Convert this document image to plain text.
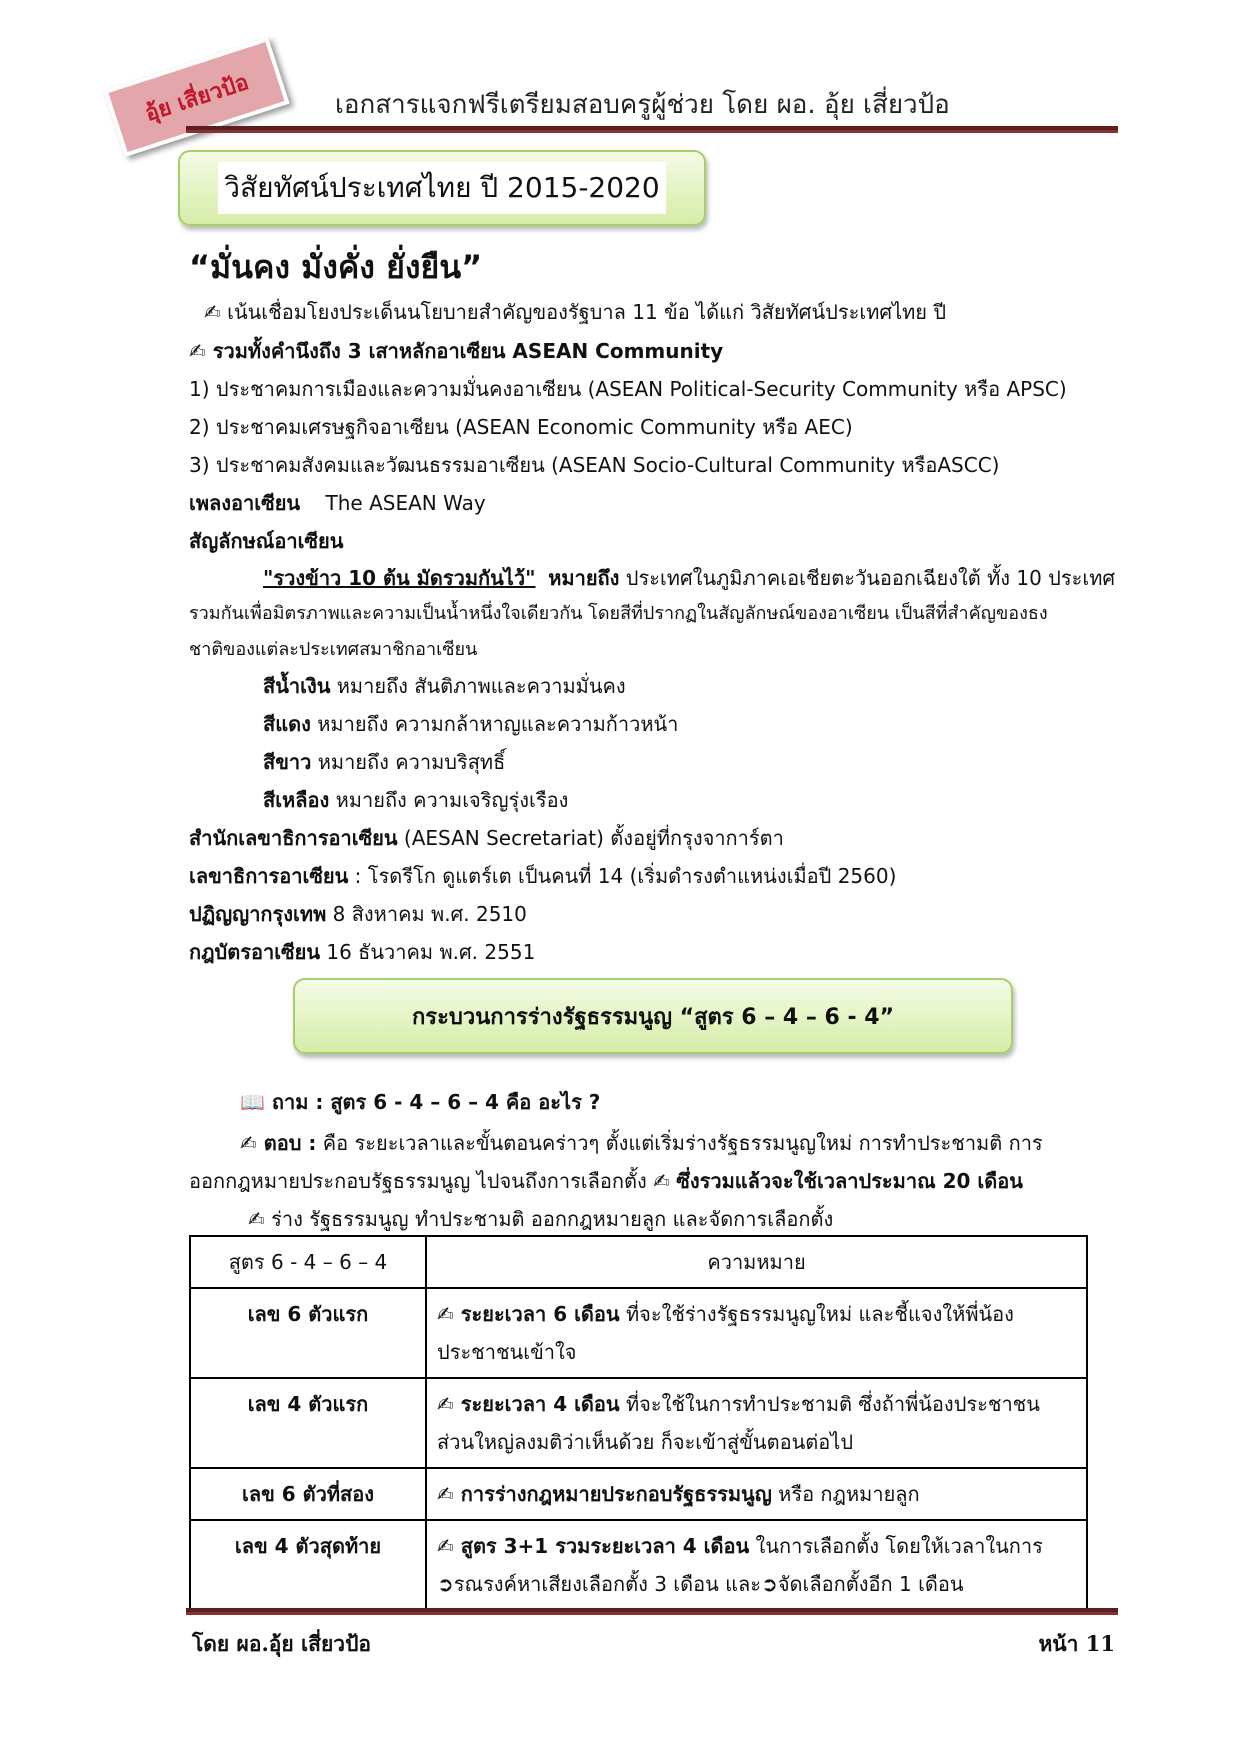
อุ้ย เสี่ยวป้อ	เอกสารแจกฟรีเตรียมสอบครูผู้ช่วย โดย ผอ. อุ้ย เสี่ยวป้อ
วิสัยทัศน์ประเทศไทย ปี 2015-2020
“มั่นคง มั่งคั่ง ยั่งยืน”
✍ เน้นเชื่อมโยงประเด็นนโยบายสำคัญของรัฐบาล 11 ข้อ ได้แก่ วิสัยทัศน์ประเทศไทย ปี
✍ รวมทั้งคำนึงถึง 3 เสาหลักอาเซียน ASEAN Community
1) ประชาคมการเมืองและความมั่นคงอาเซียน (ASEAN Political-Security Community หรือ APSC)
2) ประชาคมเศรษฐกิจอาเซียน (ASEAN Economic Community หรือ AEC)
3) ประชาคมสังคมและวัฒนธรรมอาเซียน (ASEAN Socio-Cultural Community หรือASCC)
เพลงอาเซียน The ASEAN Way
สัญลักษณ์อาเซียน
"รวงข้าว 10 ต้น มัดรวมกันไว้" หมายถึง ประเทศในภูมิภาคเอเชียตะวันออกเฉียงใต้ ทั้ง 10 ประเทศ
รวมกันเพื่อมิตรภาพและความเป็นน้ำหนึ่งใจเดียวกัน โดยสีที่ปรากฏในสัญลักษณ์ของอาเซียน เป็นสีที่สำคัญของธง
ชาติของแต่ละประเทศสมาชิกอาเซียน
สีน้ำเงิน หมายถึง สันติภาพและความมั่นคง
สีแดง หมายถึง ความกล้าหาญและความก้าวหน้า
สีขาว หมายถึง ความบริสุทธิ์
สีเหลือง หมายถึง ความเจริญรุ่งเรือง
สำนักเลขาธิการอาเซียน (AESAN Secretariat) ตั้งอยู่ที่กรุงจาการ์ตา
เลขาธิการอาเซียน : โรดรีโก ดูแตร์เต เป็นคนที่ 14 (เริ่มดำรงตำแหน่งเมื่อปี 2560)
ปฏิญญากรุงเทพ 8 สิงหาคม พ.ศ. 2510
กฎบัตรอาเซียน 16 ธันวาคม พ.ศ. 2551
กระบวนการร่างรัฐธรรมนูญ “สูตร 6 – 4 – 6 - 4”
📖 ถาม : สูตร 6 - 4 – 6 – 4 คือ อะไร ?
✍ ตอบ : คือ ระยะเวลาและขั้นตอนคร่าวๆ ตั้งแต่เริ่มร่างรัฐธรรมนูญใหม่ การทำประชามติ การ
ออกกฎหมายประกอบรัฐธรรมนูญ ไปจนถึงการเลือกตั้ง ✍ ซึ่งรวมแล้วจะใช้เวลาประมาณ 20 เดือน
✍ ร่าง รัฐธรรมนูญ ทำประชามติ ออกกฎหมายลูก และจัดการเลือกตั้ง
สูตร 6 - 4 – 6 – 4	ความหมาย
เลข 6 ตัวแรก	✍ ระยะเวลา 6 เดือน ที่จะใช้ร่างรัฐธรรมนูญใหม่ และชี้แจงให้พี่น้องประชาชนเข้าใจ
เลข 4 ตัวแรก	✍ ระยะเวลา 4 เดือน ที่จะใช้ในการทำประชามติ ซึ่งถ้าพี่น้องประชาชนส่วนใหญ่ลงมติว่าเห็นด้วย ก็จะเข้าสู่ขั้นตอนต่อไป
เลข 6 ตัวที่สอง	✍ การร่างกฎหมายประกอบรัฐธรรมนูญ หรือ กฎหมายลูก
เลข 4 ตัวสุดท้าย	✍ สูตร 3+1 รวมระยะเวลา 4 เดือน ในการเลือกตั้ง โดยให้เวลาในการ
➲รณรงค์หาเสียงเลือกตั้ง 3 เดือน และ➲จัดเลือกตั้งอีก 1 เดือน
โดย ผอ.อุ้ย เสี่ยวป้อ	หน้า 11
